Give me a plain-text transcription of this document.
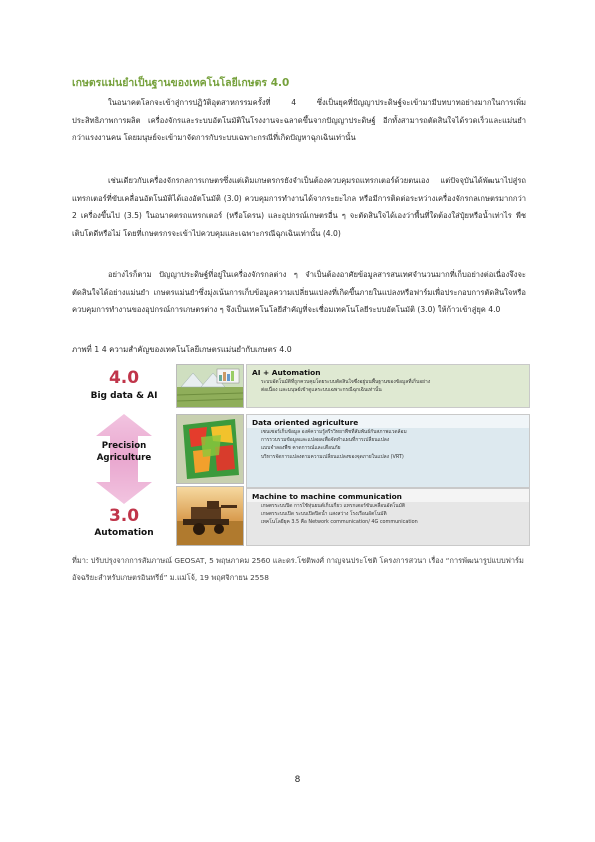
เกษตรแม่นยำเป็นฐานของเทคโนโลยีเกษตร 4.0

ในอนาคตโลกจะเข้าสู่การปฏิวัติอุตสาหกรรมครั้งที่ 4 ซึ่งเป็นยุคที่ปัญญาประดิษฐ์จะเข้ามามีบทบาทอย่างมากในการเพิ่มประสิทธิภาพการผลิต เครื่องจักรและระบบอัตโนมัติในโรงงานจะฉลาดขึ้นจากปัญญาประดิษฐ์ อีกทั้งสามารถตัดสินใจได้รวดเร็วและแม่นยำกว่าแรงงานคน โดยมนุษย์จะเข้ามาจัดการกับระบบเฉพาะกรณีที่เกิดปัญหาฉุกเฉินเท่านั้น

เช่นเดียวกับเครื่องจักรกลการเกษตรซึ่งแต่เดิมเกษตรกรยังจำเป็นต้องควบคุมรถแทรกเตอร์ด้วยตนเอง แต่ปัจจุบันได้พัฒนาไปสู่รถแทรกเตอร์ที่ขับเคลื่อนอัตโนมัติได้เองอัตโนมัติ (3.0) ควบคุมการทำงานได้จากระยะไกล หรือมีการติดต่อระหว่างเครื่องจักรกลเกษตรมากกว่า 2 เครื่องขึ้นไป (3.5) ในอนาคตรถแทรกเตอร์ (หรือโดรน) และอุปกรณ์เกษตรอื่น ๆ จะตัดสินใจได้เองว่าพื้นที่ใดต้องใส่ปุ๋ยหรือน้ำเท่าไร พืชเติบโตดีหรือไม่ โดยที่เกษตรกรจะเข้าไปควบคุมและเฉพาะกรณีฉุกเฉินเท่านั้น (4.0)

อย่างไรก็ตาม ปัญญาประดิษฐ์ที่อยู่ในเครื่องจักรกลต่าง ๆ จำเป็นต้องอาศัยข้อมูลสารสนเทศจำนวนมากที่เก็บอย่างต่อเนื่องจึงจะตัดสินใจได้อย่างแม่นยำ เกษตรแม่นยำซึ่งมุ่งเน้นการเก็บข้อมูลความเปลี่ยนแปลงที่เกิดขึ้นภายในแปลงหรือฟาร์มเพื่อประกอบการตัดสินใจหรือควบคุมการทำงานของอุปกรณ์การเกษตรต่าง ๆ จึงเป็นเทคโนโลยีสำคัญที่จะเชื่อมเทคโนโลยีระบบอัตโนมัติ (3.0) ให้ก้าวเข้าสู่ยุค 4.0

ภาพที่ 1 4 ความสำคัญของเทคโนโลยีเกษตรแม่นยำกับเกษตร 4.0
4.0
Big data & AI
Precision
Agriculture
3.0
Automation
AI + Automation
■ ระบบอัตโนมัติที่ถูกควบคุมโดยระบบตัดสินใจซึ่งอยู่บนพื้นฐานของข้อมูลที่เก็บอย่าง
■ ต่อเนื่อง และมนุษย์เข้าดูแลระบบเฉพาะกรณีฉุกเฉินเท่านั้น
Data oriented agriculture
■ เซนเซอร์เก็บข้อมูล องค์ความรู้สรีรวิทยาพืชที่สัมพันธ์กับสภาพแวดล้อม
■ การรวบรวมข้อมูลและแปลผลเพื่อจัดทำแผนที่การเปลี่ยนแปลง
■ แบบจำลองพืช คาดการณ์และเตือนภัย
■ บริหารจัดการแปลงตามความเปลี่ยนแปลงของจุดภายในแปลง (VRT)
Machine to machine communication
■ เกษตรระบบปิด การใช้หุ่นยนต์เก็บเกี่ยว แทรกเตอร์ขับเคลื่อนอัตโนมัติ
■ เกษตรระบบเปิด ระบบเปิดปิดน้ำ แสงสว่าง โรงเรือนอัตโนมัติ
■ เทคโนโลยียุค 3.5 คือ Network communication/ 4G communication
ที่มา: ปรับปรุงจากการสัมภาษณ์ GEOSAT, 5 พฤษภาคม 2560 และดร.โชติพงศ์ กาญจนประโชติ โครงการสวนา เรื่อง “การพัฒนารูปแบบฟาร์มอัจฉริยะสำหรับเกษตรอินทรีย์” ม.แม่โจ้, 19 พฤศจิกายน 2558
8
